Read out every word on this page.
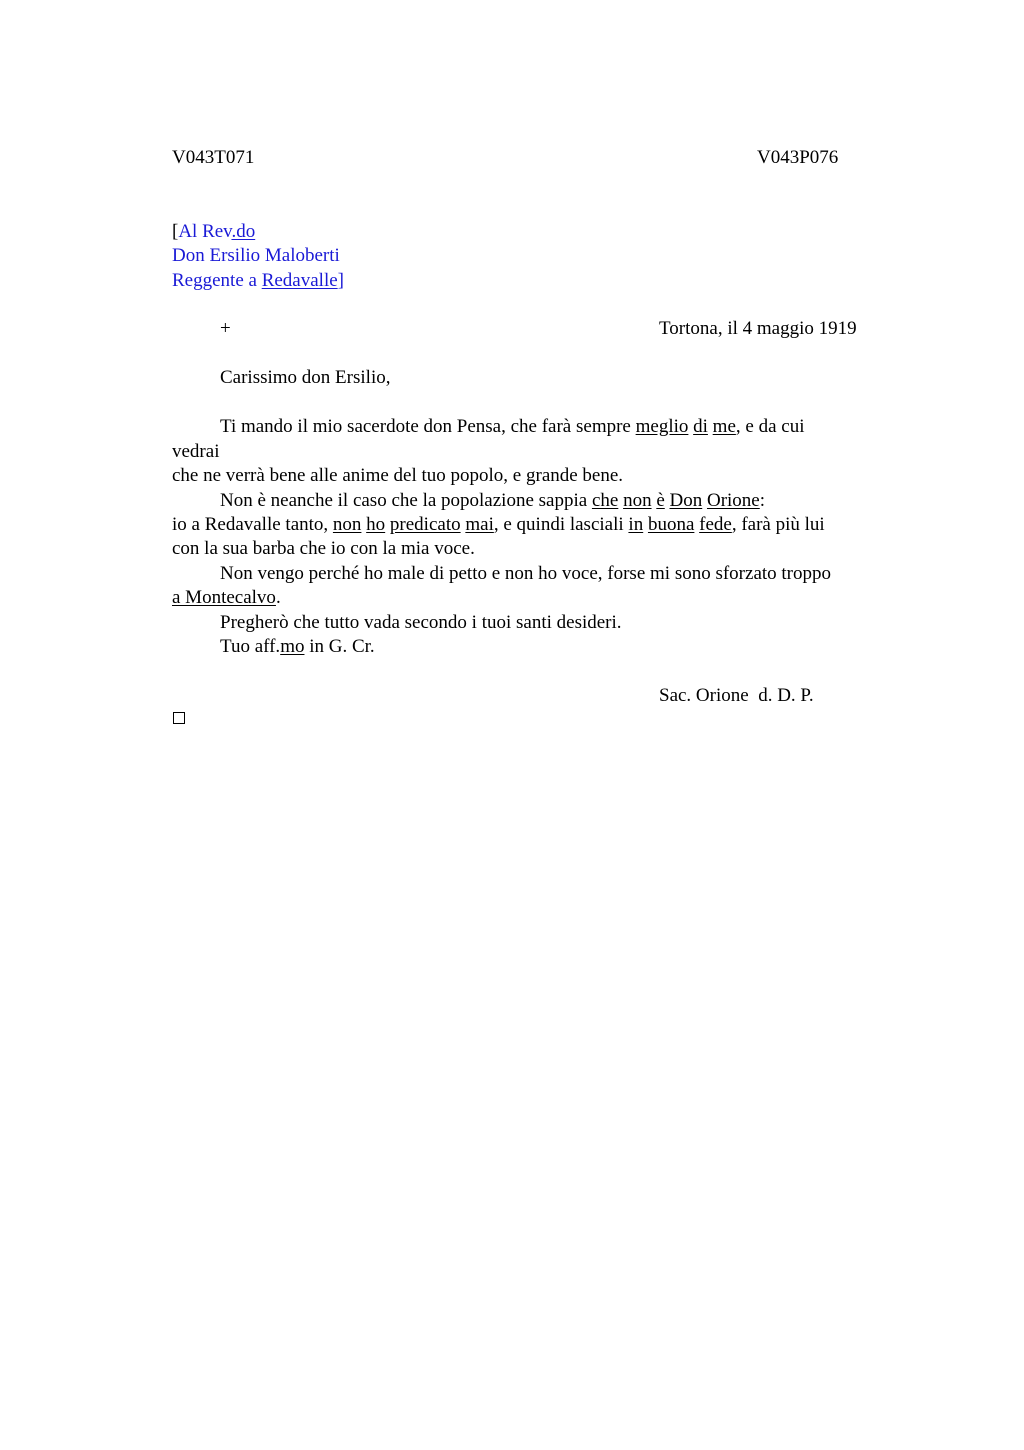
V043T071	V043P076
[Al Rev.do
Don Ersilio Maloberti
Reggente a Redavalle]
+	Tortona, il 4 maggio 1919
Carissimo don Ersilio,
Ti mando il mio sacerdote don Pensa, che farà sempre meglio di me, e da cui
vedrai
che ne verrà bene alle anime del tuo popolo, e grande bene.
Non è neanche il caso che la popolazione sappia che non è Don Orione:
io a Redavalle tanto, non ho predicato mai, e quindi lasciali in buona fede, farà più lui
con la sua barba che io con la mia voce.
Non vengo perché ho male di petto e non ho voce, forse mi sono sforzato troppo
a Montecalvo.
Pregherò che tutto vada secondo i tuoi santi desideri.
Tuo aff.mo in G. Cr.
Sac. Orione  d. D. P.
